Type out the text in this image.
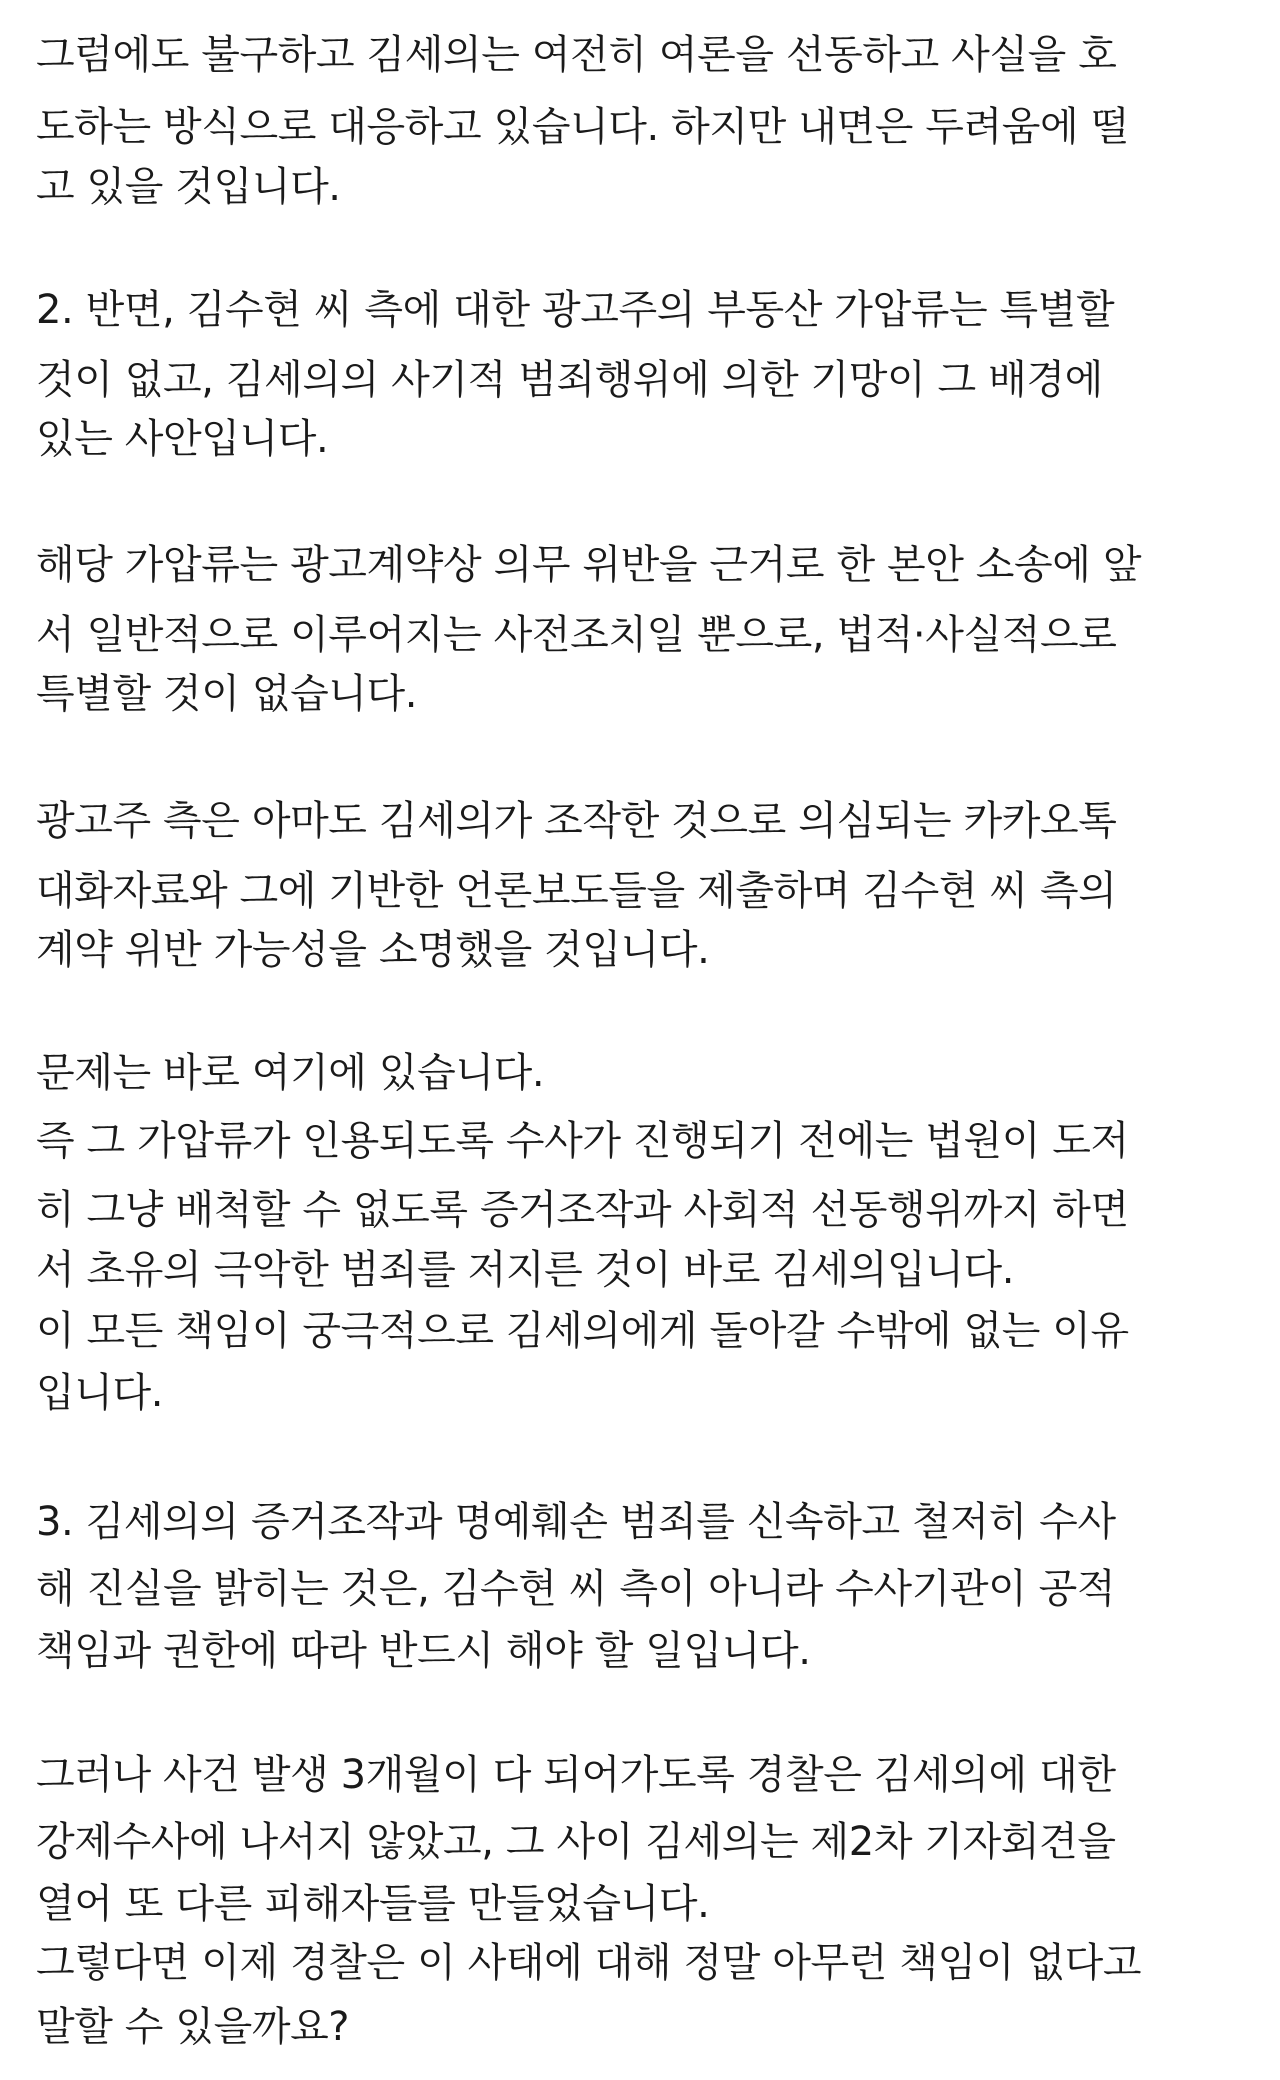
그럼에도 불구하고 김세의는 여전히 여론을 선동하고 사실을 호
도하는 방식으로 대응하고 있습니다. 하지만 내면은 두려움에 떨
고 있을 것입니다.
2. 반면, 김수현 씨 측에 대한 광고주의 부동산 가압류는 특별할
것이 없고, 김세의의 사기적 범죄행위에 의한 기망이 그 배경에
있는 사안입니다.
해당 가압류는 광고계약상 의무 위반을 근거로 한 본안 소송에 앞
서 일반적으로 이루어지는 사전조치일 뿐으로, 법적·사실적으로
특별할 것이 없습니다.
광고주 측은 아마도 김세의가 조작한 것으로 의심되는 카카오톡
대화자료와 그에 기반한 언론보도들을 제출하며 김수현 씨 측의
계약 위반 가능성을 소명했을 것입니다.
문제는 바로 여기에 있습니다.
즉 그 가압류가 인용되도록 수사가 진행되기 전에는 법원이 도저
히 그냥 배척할 수 없도록 증거조작과 사회적 선동행위까지 하면
서 초유의 극악한 범죄를 저지른 것이 바로 김세의입니다.
이 모든 책임이 궁극적으로 김세의에게 돌아갈 수밖에 없는 이유
입니다.
3. 김세의의 증거조작과 명예훼손 범죄를 신속하고 철저히 수사
해 진실을 밝히는 것은, 김수현 씨 측이 아니라 수사기관이 공적
책임과 권한에 따라 반드시 해야 할 일입니다.
그러나 사건 발생 3개월이 다 되어가도록 경찰은 김세의에 대한
강제수사에 나서지 않았고, 그 사이 김세의는 제2차 기자회견을
열어 또 다른 피해자들를 만들었습니다.
그렇다면 이제 경찰은 이 사태에 대해 정말 아무런 책임이 없다고
말할 수 있을까요?
